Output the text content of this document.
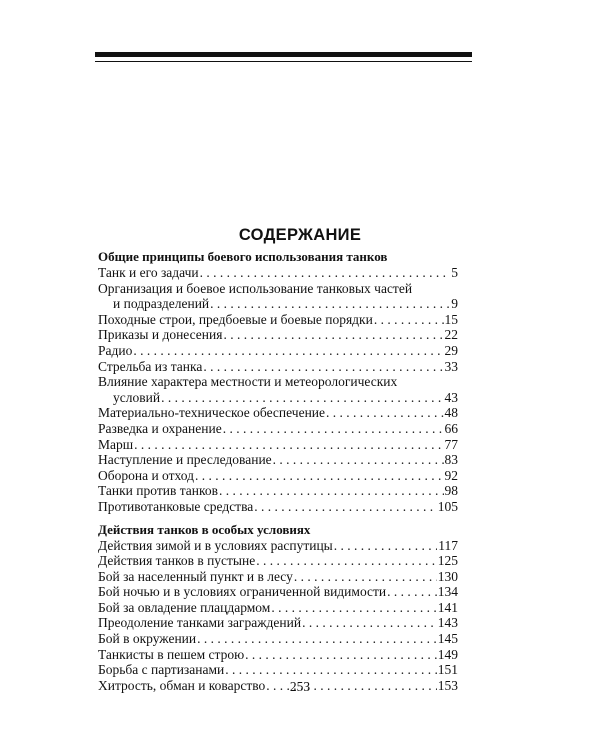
СОДЕРЖАНИЕ
Общие принципы боевого использования танков
Танк и его задачи . . .	5
Организация и боевое использование танковых частей
и подразделений . . .	9
Походные строи, предбоевые и боевые порядки . . .	15
Приказы и донесения . . .	22
Радио . . .	29
Стрельба из танка . . .	33
Влияние характера местности и метеорологических
условий . . .	43
Материально-техническое обеспечение . . .	48
Разведка и охранение . . .	66
Марш . . .	77
Наступление и преследование . . .	83
Оборона и отход . . .	92
Танки против танков . . .	98
Противотанковые средства . . .	105
Действия танков в особых условиях
Действия зимой и в условиях распутицы . . .	117
Действия танков в пустыне . . .	125
Бой за населенный пункт и в лесу . . .	130
Бой ночью и в условиях ограниченной видимости . . .	134
Бой за овладение плацдармом . . .	141
Преодоление танками заграждений . . .	143
Бой в окружении . . .	145
Танкисты в пешем строю . . .	149
Борьба с партизанами . . .	151
Хитрость, обман и коварство . . .	153
253
